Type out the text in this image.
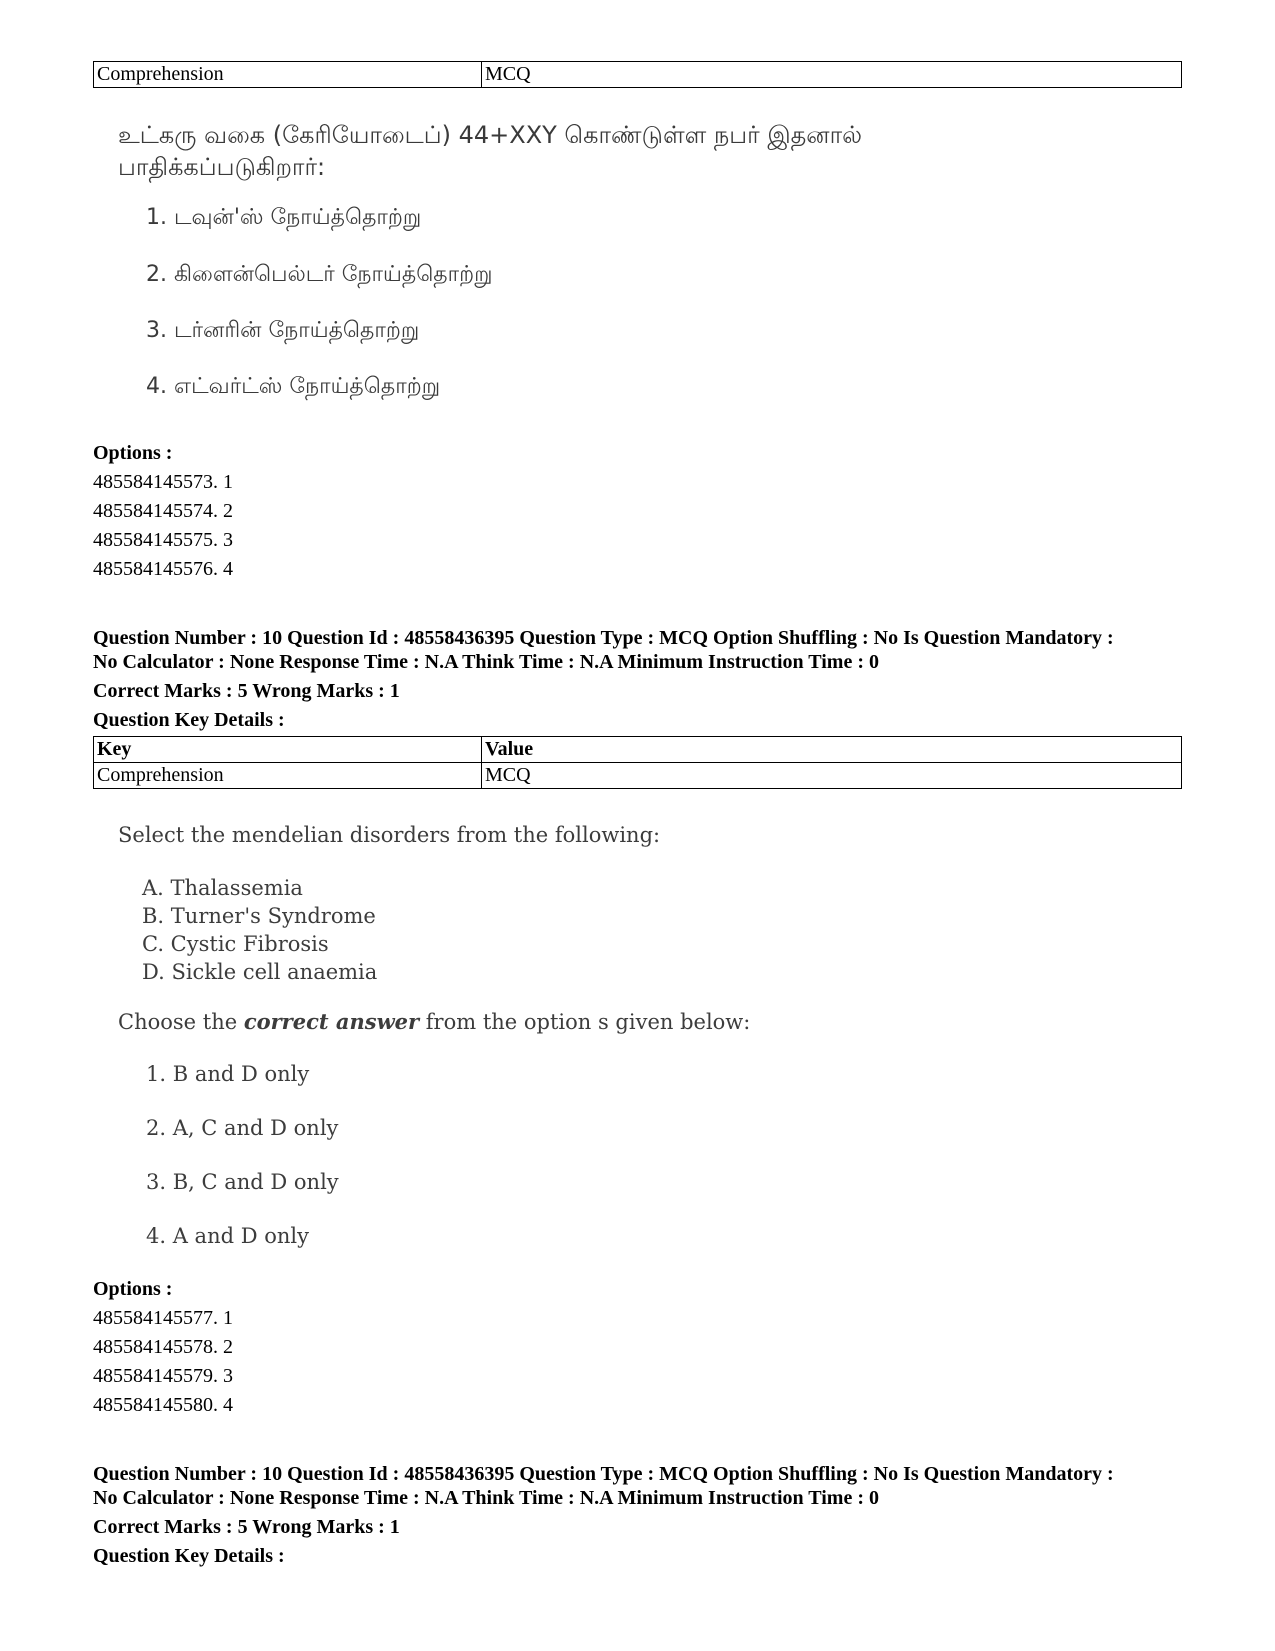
Comprehension	MCQ
உட்கரு வகை (கேரியோடைப்) 44+XXY கொண்டுள்ள நபர் இதனால்
பாதிக்கப்படுகிறார்:
1. டவுன்'ஸ் நோய்த்தொற்று
2. கிளைன்பெல்டர் நோய்த்தொற்று
3. டர்னரின் நோய்த்தொற்று
4. எட்வர்ட்ஸ் நோய்த்தொற்று
Options :
485584145573. 1
485584145574. 2
485584145575. 3
485584145576. 4
Question Number : 10 Question Id : 48558436395 Question Type : MCQ Option Shuffling : No Is Question Mandatory :
No Calculator : None Response Time : N.A Think Time : N.A Minimum Instruction Time : 0
Correct Marks : 5 Wrong Marks : 1
Question Key Details :
Key	Value
Comprehension	MCQ
Select the mendelian disorders from the following:
A. Thalassemia
B. Turner's Syndrome
C. Cystic Fibrosis
D. Sickle cell anaemia
Choose the correct answer from the option s given below:
1. B and D only
2. A, C and D only
3. B, C and D only
4. A and D only
Options :
485584145577. 1
485584145578. 2
485584145579. 3
485584145580. 4
Question Number : 10 Question Id : 48558436395 Question Type : MCQ Option Shuffling : No Is Question Mandatory :
No Calculator : None Response Time : N.A Think Time : N.A Minimum Instruction Time : 0
Correct Marks : 5 Wrong Marks : 1
Question Key Details :
